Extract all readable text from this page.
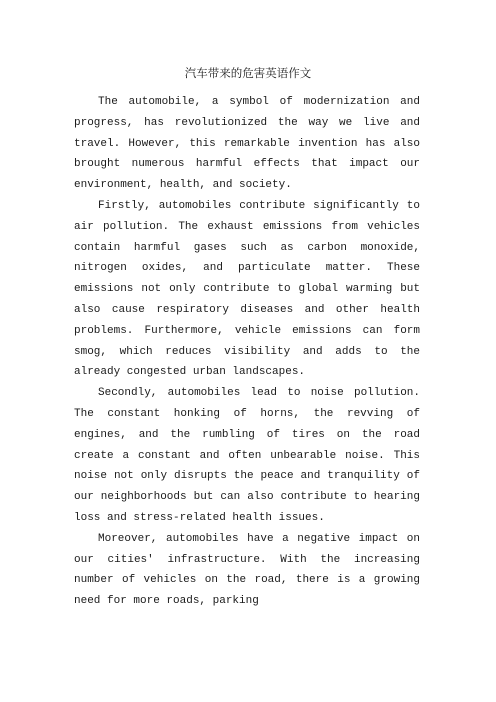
汽车带来的危害英语作文

The automobile, a symbol of modernization and progress, has revolutionized the way we live and travel. However, this remarkable invention has also brought numerous harmful effects that impact our environment, health, and society.

Firstly, automobiles contribute significantly to air pollution. The exhaust emissions from vehicles contain harmful gases such as carbon monoxide, nitrogen oxides, and particulate matter. These emissions not only contribute to global warming but also cause respiratory diseases and other health problems. Furthermore, vehicle emissions can form smog, which reduces visibility and adds to the already congested urban landscapes.

Secondly, automobiles lead to noise pollution. The constant honking of horns, the revving of engines, and the rumbling of tires on the road create a constant and often unbearable noise. This noise not only disrupts the peace and tranquility of our neighborhoods but can also contribute to hearing loss and stress-related health issues.

Moreover, automobiles have a negative impact on our cities' infrastructure. With the increasing number of vehicles on the road, there is a growing need for more roads, parking
